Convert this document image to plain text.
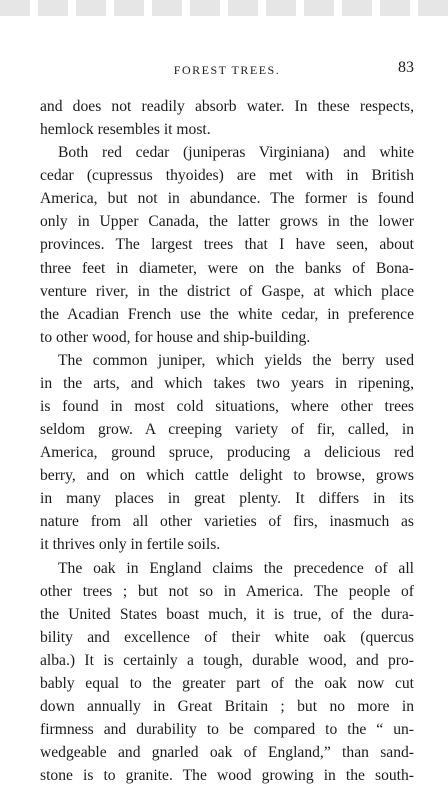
FOREST TREES.	83
and does not readily absorb water. In these respects,
hemlock resembles it most.
Both red cedar (juniperas Virginiana) and white
cedar (cupressus thyoides) are met with in British
America, but not in abundance. The former is found
only in Upper Canada, the latter grows in the lower
provinces. The largest trees that I have seen, about
three feet in diameter, were on the banks of Bona-
venture river, in the district of Gaspe, at which place
the Acadian French use the white cedar, in preference
to other wood, for house and ship-building.
The common juniper, which yields the berry used
in the arts, and which takes two years in ripening,
is found in most cold situations, where other trees
seldom grow. A creeping variety of fir, called, in
America, ground spruce, producing a delicious red
berry, and on which cattle delight to browse, grows
in many places in great plenty. It differs in its
nature from all other varieties of firs, inasmuch as
it thrives only in fertile soils.
The oak in England claims the precedence of all
other trees ; but not so in America. The people of
the United States boast much, it is true, of the dura-
bility and excellence of their white oak (quercus
alba.) It is certainly a tough, durable wood, and pro-
bably equal to the greater part of the oak now cut
down annually in Great Britain ; but no more in
firmness and durability to be compared to the “ un-
wedgeable and gnarled oak of England,” than sand-
stone is to granite. The wood growing in the south-
